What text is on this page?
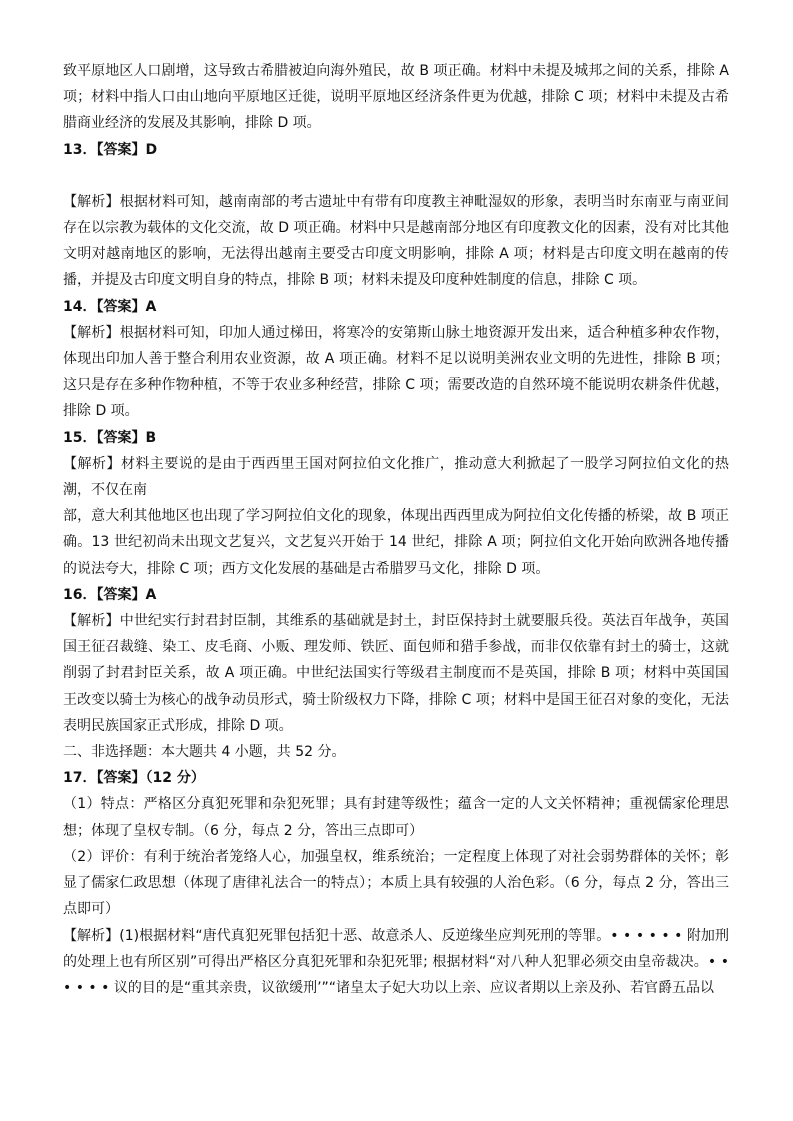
致平原地区人口剧增，这导致古希腊被迫向海外殖民，故 B 项正确。材料中未提及城邦之间的关系，排除 A 项；材料中指人口由山地向平原地区迁徙，说明平原地区经济条件更为优越，排除 C 项；材料中未提及古希腊商业经济的发展及其影响，排除 D 项。

13．【答案】D

【解析】根据材料可知，越南南部的考古遗址中有带有印度教主神毗湿奴的形象，表明当时东南亚与南亚间存在以宗教为载体的文化交流，故 D 项正确。材料中只是越南部分地区有印度教文化的因素，没有对比其他文明对越南地区的影响，无法得出越南主要受古印度文明影响，排除 A 项；材料是古印度文明在越南的传播，并提及古印度文明自身的特点，排除 B 项；材料未提及印度种姓制度的信息，排除 C 项。

14．【答案】A

【解析】根据材料可知，印加人通过梯田，将寒冷的安第斯山脉土地资源开发出来，适合种植多种农作物，体现出印加人善于整合利用农业资源，故 A 项正确。材料不足以说明美洲农业文明的先进性，排除 B 项；这只是存在多种作物种植，不等于农业多种经营，排除 C 项；需要改造的自然环境不能说明农耕条件优越，排除 D 项。

15．【答案】B

【解析】材料主要说的是由于西西里王国对阿拉伯文化推广，推动意大利掀起了一股学习阿拉伯文化的热潮，不仅在南

部，意大利其他地区也出现了学习阿拉伯文化的现象，体现出西西里成为阿拉伯文化传播的桥梁，故 B 项正确。13 世纪初尚未出现文艺复兴，文艺复兴开始于 14 世纪，排除 A 项；阿拉伯文化开始向欧洲各地传播的说法夸大，排除 C 项；西方文化发展的基础是古希腊罗马文化，排除 D 项。

16．【答案】A

【解析】中世纪实行封君封臣制，其维系的基础就是封土，封臣保持封土就要服兵役。英法百年战争，英国国王征召裁缝、染工、皮毛商、小贩、理发师、铁匠、面包师和猎手参战，而非仅依靠有封土的骑士，这就削弱了封君封臣关系，故 A 项正确。中世纪法国实行等级君主制度而不是英国，排除 B 项；材料中英国国王改变以骑士为核心的战争动员形式，骑士阶级权力下降，排除 C 项；材料中是国王征召对象的变化，无法表明民族国家正式形成，排除 D 项。

二、非选择题：本大题共 4 小题，共 52 分。

17．【答案】（12 分）

（1）特点：严格区分真犯死罪和杂犯死罪；具有封建等级性；蕴含一定的人文关怀精神；重视儒家伦理思想；体现了皇权专制。（6 分，每点 2 分，答出三点即可）

（2）评价：有利于统治者笼络人心，加强皇权，维系统治；一定程度上体现了对社会弱势群体的关怀；彰显了儒家仁政思想（体现了唐律礼法合一的特点）；本质上具有较强的人治色彩。（6 分，每点 2 分，答出三点即可）

【解析】(1)根据材料“唐代真犯死罪包括犯十恶、故意杀人、反逆缘坐应判死刑的等罪。• • • • • • 附加刑的处理上也有所区别”可得出严格区分真犯死罪和杂犯死罪; 根据材料“对八种人犯罪必须交由皇帝裁决。• • • • • • 议的目的是“重其亲贵，议欲缓刑’”“诸皇太子妃大功以上亲、应议者期以上亲及孙、若官爵五品以
